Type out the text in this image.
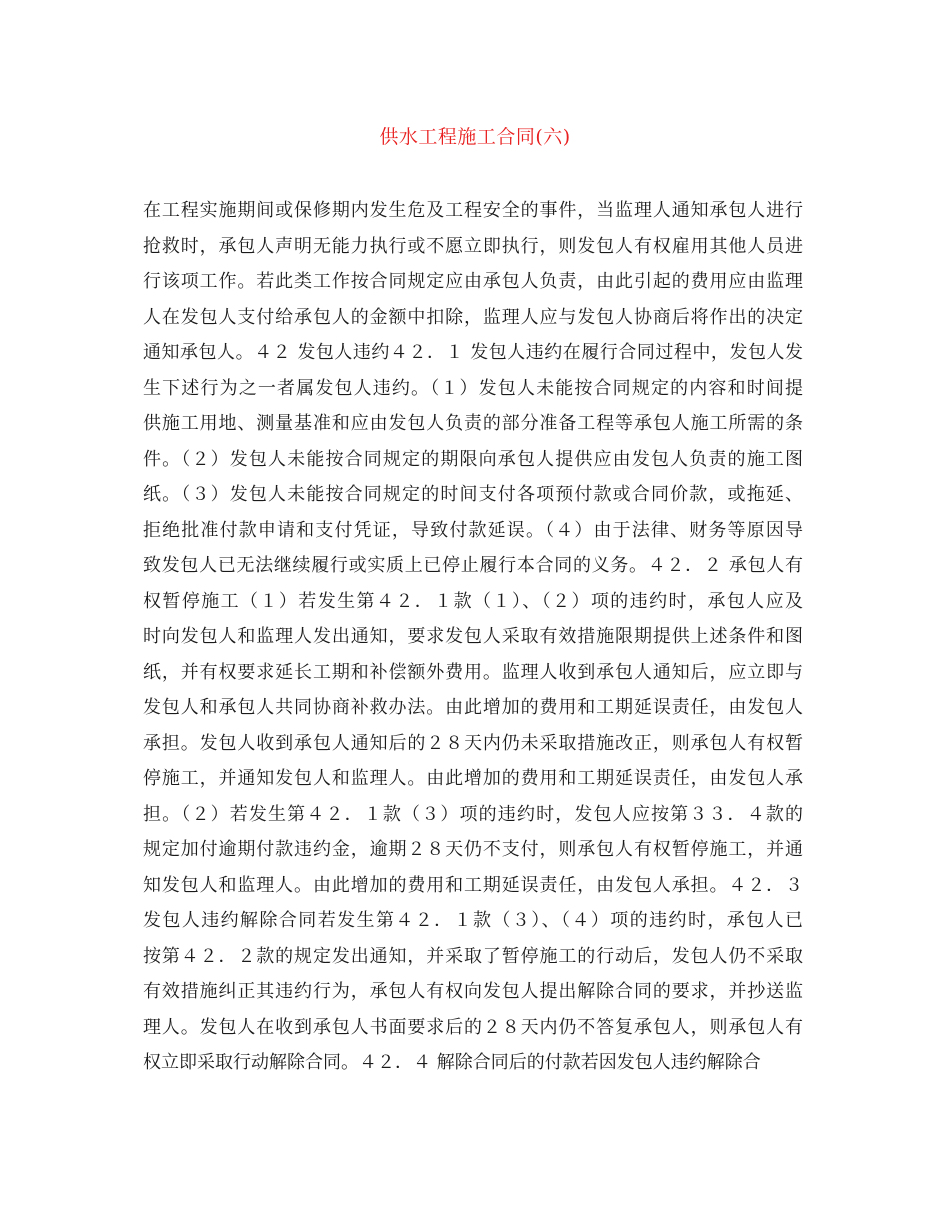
供水工程施工合同(六)
在工程实施期间或保修期内发生危及工程安全的事件，当监理人通知承包人进行
抢救时，承包人声明无能力执行或不愿立即执行，则发包人有权雇用其他人员进
行该项工作。若此类工作按合同规定应由承包人负责，由此引起的费用应由监理
人在发包人支付给承包人的金额中扣除，监理人应与发包人协商后将作出的决定
通知承包人。４２ 发包人违约４２．１ 发包人违约在履行合同过程中，发包人发
生下述行为之一者属发包人违约。（１）发包人未能按合同规定的内容和时间提
供施工用地、测量基准和应由发包人负责的部分准备工程等承包人施工所需的条
件。（２）发包人未能按合同规定的期限向承包人提供应由发包人负责的施工图
纸。（３）发包人未能按合同规定的时间支付各项预付款或合同价款，或拖延、
拒绝批准付款申请和支付凭证，导致付款延误。（４）由于法律、财务等原因导
致发包人已无法继续履行或实质上已停止履行本合同的义务。４２．２ 承包人有
权暂停施工（１）若发生第４２．１款（１）、（２）项的违约时，承包人应及
时向发包人和监理人发出通知，要求发包人采取有效措施限期提供上述条件和图
纸，并有权要求延长工期和补偿额外费用。监理人收到承包人通知后，应立即与
发包人和承包人共同协商补救办法。由此增加的费用和工期延误责任，由发包人
承担。发包人收到承包人通知后的２８天内仍未采取措施改正，则承包人有权暂
停施工，并通知发包人和监理人。由此增加的费用和工期延误责任，由发包人承
担。（２）若发生第４２．１款（３）项的违约时，发包人应按第３３．４款的
规定加付逾期付款违约金，逾期２８天仍不支付，则承包人有权暂停施工，并通
知发包人和监理人。由此增加的费用和工期延误责任，由发包人承担。４２．３
发包人违约解除合同若发生第４２．１款（３）、（４）项的违约时，承包人已
按第４２．２款的规定发出通知，并采取了暂停施工的行动后，发包人仍不采取
有效措施纠正其违约行为，承包人有权向发包人提出解除合同的要求，并抄送监
理人。发包人在收到承包人书面要求后的２８天内仍不答复承包人，则承包人有
权立即采取行动解除合同。４２．４ 解除合同后的付款若因发包人违约解除合
